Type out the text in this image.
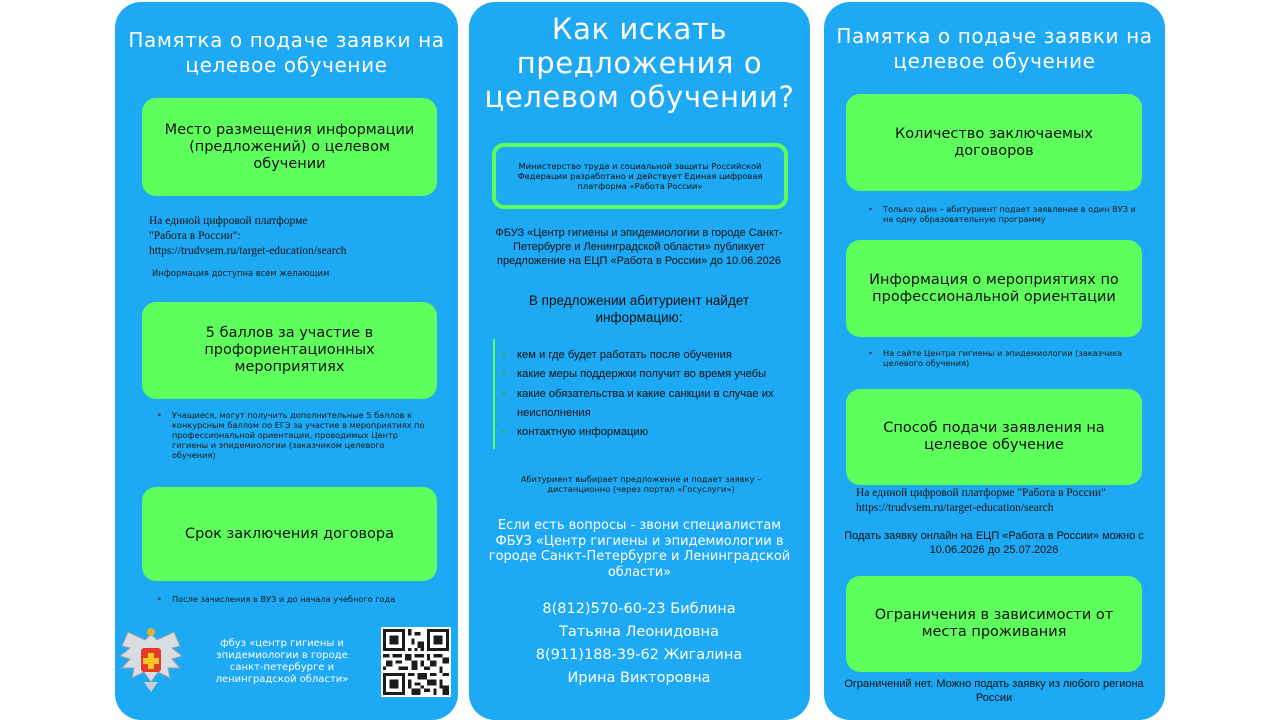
Памятка о подаче заявки на целевое обучение
Место размещения информации (предложений) о целевом обучении
На единой цифровой платформе
"Работа в России":
https://trudvsem.ru/target-education/search
Информация доступна всем желающим
5 баллов за участие в профориентационных мероприятиях
• Учащиеся, могут получить дополнительные 5 баллов к конкурсным баллом по ЕГЭ за участие в мероприятиях по профессиональной ориентации, проводимых Центр гигиены и эпидемиологии (заказчиком целевого обучения)
Срок заключения договора
• После зачисления в ВУЗ и до начала учебного года
фбуз «центр гигиены и эпидемиологии в городе санкт-петербурге и ленинградской области»
Как искать предложения о целевом обучении?
Министерство труда и социальной защиты Российской Федерации разработано и действует Единая цифровая платформа «Работа России»
ФБУЗ «Центр гигиены и эпидемиологии в городе Санкт-Петербурге и Ленинградской области» публикует предложение на ЕЦП «Работа в России» до 10.06.2026
В предложении абитуриент найдет информацию:
• кем и где будет работать после обучения
• какие меры поддержки получит во время учебы
• какие обязательства и какие санкции в случае их неисполнения
• контактную информацию
Абитуриент выбирает предложение и подает заявку – дистанционно (через портал «Госуслуги»)
Если есть вопросы - звони специалистам ФБУЗ «Центр гигиены и эпидемиологии в городе Санкт-Петербурге и Ленинградской области»
8(812)570-60-23 Библина
Татьяна Леонидовна
8(911)188-39-62 Жигалина
Ирина Викторовна
Памятка о подаче заявки на целевое обучение
Количество заключаемых договоров
• Только один – абитуриент подает заявление в один ВУЗ и на одну образовательную программу
Информация о мероприятиях по профессиональной ориентации
• На сайте Центра гигиены и эпидемиологии (заказчика целевого обучения)
Способ подачи заявления на целевое обучение
На единой цифровой платформе "Работа в России"
https://trudvsem.ru/target-education/search
Подать заявку онлайн на ЕЦП «Работа в России» можно с 10.06.2026 до 25.07.2026
Ограничения в зависимости от места проживания
Ограничений нет. Можно подать заявку из любого региона России
